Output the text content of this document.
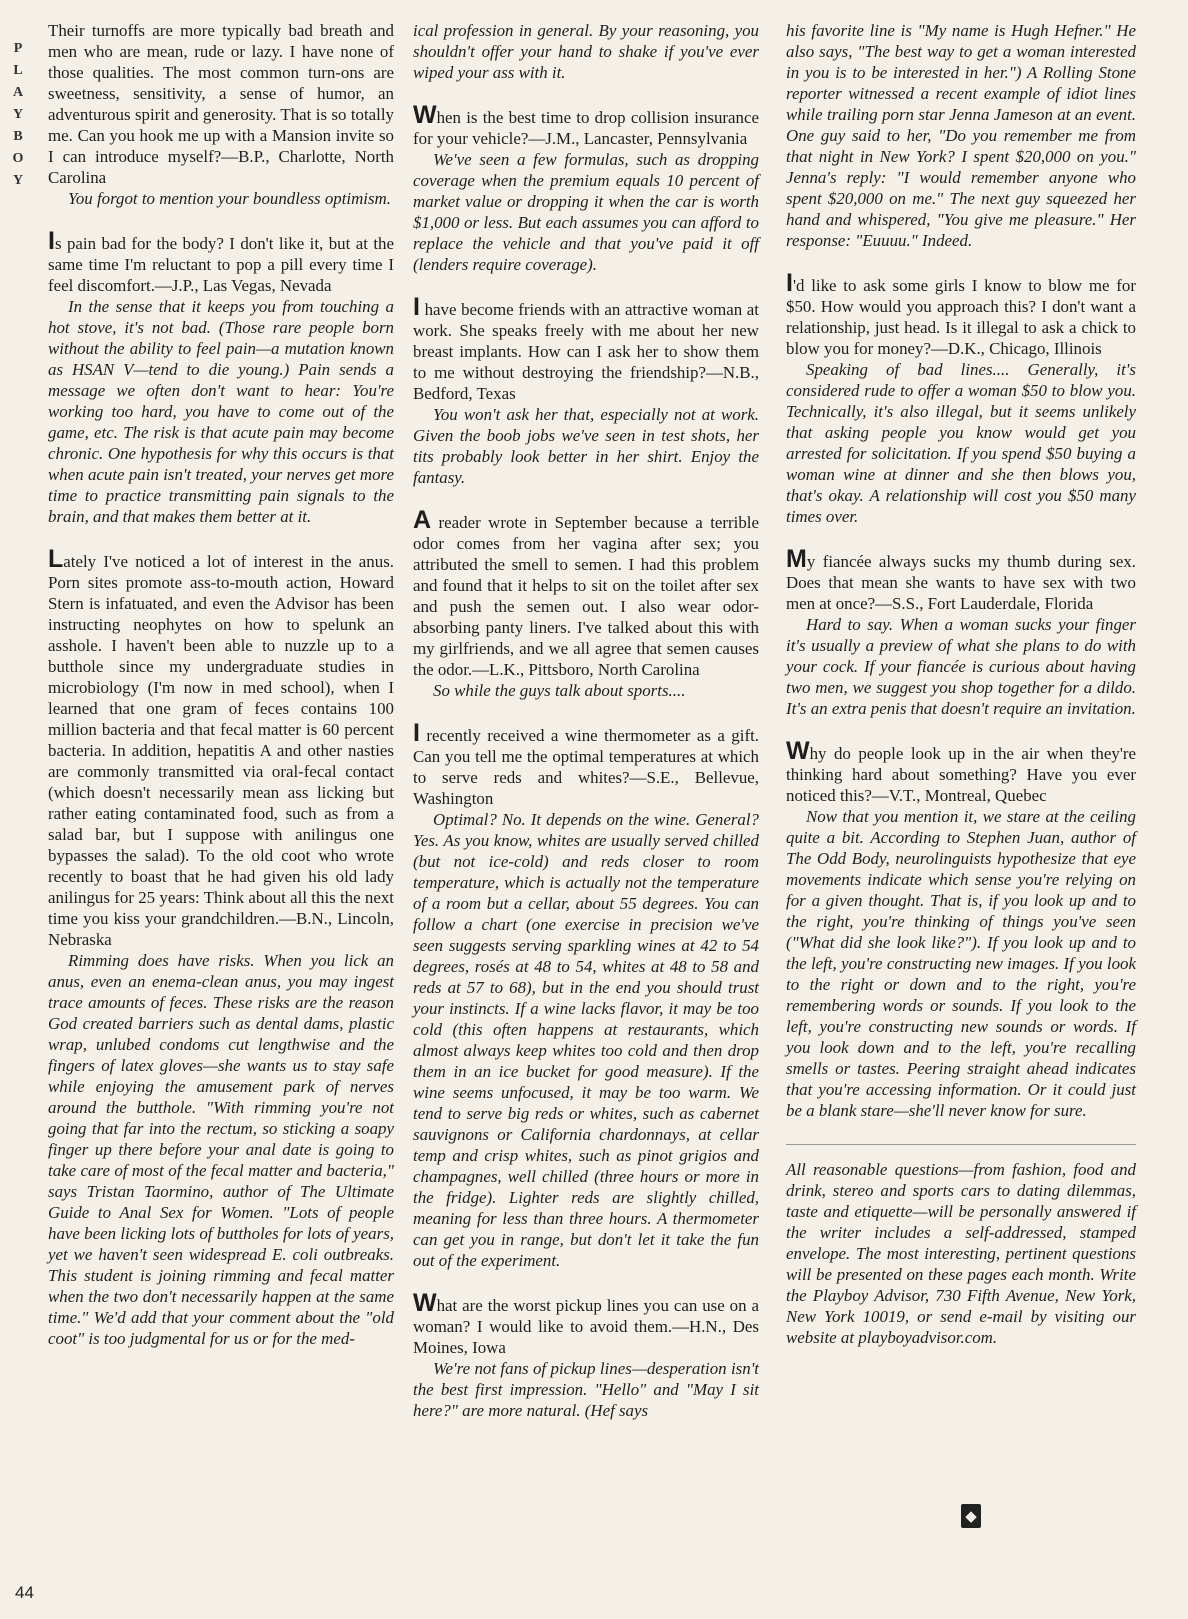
P
L
A
Y
B
O
Y

Their turnoffs are more typically bad breath and men who are mean, rude or lazy. I have none of those qualities. The most common turn-ons are sweetness, sensitivity, a sense of humor, an adventurous spirit and generosity. That is so totally me. Can you hook me up with a Mansion invite so I can introduce myself?—B.P., Charlotte, North Carolina

You forgot to mention your boundless optimism.

Is pain bad for the body? I don't like it, but at the same time I'm reluctant to pop a pill every time I feel discomfort.—J.P., Las Vegas, Nevada

In the sense that it keeps you from touching a hot stove, it's not bad. (Those rare people born without the ability to feel pain—a mutation known as HSAN V—tend to die young.) Pain sends a message we often don't want to hear: You're working too hard, you have to come out of the game, etc. The risk is that acute pain may become chronic. One hypothesis for why this occurs is that when acute pain isn't treated, your nerves get more time to practice transmitting pain signals to the brain, and that makes them better at it.

Lately I've noticed a lot of interest in the anus. Porn sites promote ass-to-mouth action, Howard Stern is infatuated, and even the Advisor has been instructing neophytes on how to spelunk an asshole. I haven't been able to nuzzle up to a butthole since my undergraduate studies in microbiology (I'm now in med school), when I learned that one gram of feces contains 100 million bacteria and that fecal matter is 60 percent bacteria. In addition, hepatitis A and other nasties are commonly transmitted via oral-fecal contact (which doesn't necessarily mean ass licking but rather eating contaminated food, such as from a salad bar, but I suppose with anilingus one bypasses the salad). To the old coot who wrote recently to boast that he had given his old lady anilingus for 25 years: Think about all this the next time you kiss your grandchildren.—B.N., Lincoln, Nebraska

Rimming does have risks. When you lick an anus, even an enema-clean anus, you may ingest trace amounts of feces. These risks are the reason God created barriers such as dental dams, plastic wrap, unlubed condoms cut lengthwise and the fingers of latex gloves—she wants us to stay safe while enjoying the amusement park of nerves around the butthole. "With rimming you're not going that far into the rectum, so sticking a soapy finger up there before your anal date is going to take care of most of the fecal matter and bacteria," says Tristan Taormino, author of The Ultimate Guide to Anal Sex for Women. "Lots of people have been licking lots of buttholes for lots of years, yet we haven't seen widespread E. coli outbreaks. This student is joining rimming and fecal matter when the two don't necessarily happen at the same time." We'd add that your comment about the "old coot" is too judgmental for us or for the med-

ical profession in general. By your reasoning, you shouldn't offer your hand to shake if you've ever wiped your ass with it.

When is the best time to drop collision insurance for your vehicle?—J.M., Lancaster, Pennsylvania

We've seen a few formulas, such as dropping coverage when the premium equals 10 percent of market value or dropping it when the car is worth $1,000 or less. But each assumes you can afford to replace the vehicle and that you've paid it off (lenders require coverage).

I have become friends with an attractive woman at work. She speaks freely with me about her new breast implants. How can I ask her to show them to me without destroying the friendship?—N.B., Bedford, Texas

You won't ask her that, especially not at work. Given the boob jobs we've seen in test shots, her tits probably look better in her shirt. Enjoy the fantasy.

A reader wrote in September because a terrible odor comes from her vagina after sex; you attributed the smell to semen. I had this problem and found that it helps to sit on the toilet after sex and push the semen out. I also wear odor-absorbing panty liners. I've talked about this with my girlfriends, and we all agree that semen causes the odor.—L.K., Pittsboro, North Carolina

So while the guys talk about sports....

I recently received a wine thermometer as a gift. Can you tell me the optimal temperatures at which to serve reds and whites?—S.E., Bellevue, Washington

Optimal? No. It depends on the wine. General? Yes. As you know, whites are usually served chilled (but not ice-cold) and reds closer to room temperature, which is actually not the temperature of a room but a cellar, about 55 degrees. You can follow a chart (one exercise in precision we've seen suggests serving sparkling wines at 42 to 54 degrees, rosés at 48 to 54, whites at 48 to 58 and reds at 57 to 68), but in the end you should trust your instincts. If a wine lacks flavor, it may be too cold (this often happens at restaurants, which almost always keep whites too cold and then drop them in an ice bucket for good measure). If the wine seems unfocused, it may be too warm. We tend to serve big reds or whites, such as cabernet sauvignons or California chardonnays, at cellar temp and crisp whites, such as pinot grigios and champagnes, well chilled (three hours or more in the fridge). Lighter reds are slightly chilled, meaning for less than three hours. A thermometer can get you in range, but don't let it take the fun out of the experiment.

What are the worst pickup lines you can use on a woman? I would like to avoid them.—H.N., Des Moines, Iowa

We're not fans of pickup lines—desperation isn't the best first impression. "Hello" and "May I sit here?" are more natural. (Hef says

his favorite line is "My name is Hugh Hefner." He also says, "The best way to get a woman interested in you is to be interested in her.") A Rolling Stone reporter witnessed a recent example of idiot lines while trailing porn star Jenna Jameson at an event. One guy said to her, "Do you remember me from that night in New York? I spent $20,000 on you." Jenna's reply: "I would remember anyone who spent $20,000 on me." The next guy squeezed her hand and whispered, "You give me pleasure." Her response: "Euuuu." Indeed.

I'd like to ask some girls I know to blow me for $50. How would you approach this? I don't want a relationship, just head. Is it illegal to ask a chick to blow you for money?—D.K., Chicago, Illinois

Speaking of bad lines.... Generally, it's considered rude to offer a woman $50 to blow you. Technically, it's also illegal, but it seems unlikely that asking people you know would get you arrested for solicitation. If you spend $50 buying a woman wine at dinner and she then blows you, that's okay. A relationship will cost you $50 many times over.

My fiancée always sucks my thumb during sex. Does that mean she wants to have sex with two men at once?—S.S., Fort Lauderdale, Florida

Hard to say. When a woman sucks your finger it's usually a preview of what she plans to do with your cock. If your fiancée is curious about having two men, we suggest you shop together for a dildo. It's an extra penis that doesn't require an invitation.

Why do people look up in the air when they're thinking hard about something? Have you ever noticed this?—V.T., Montreal, Quebec

Now that you mention it, we stare at the ceiling quite a bit. According to Stephen Juan, author of The Odd Body, neurolinguists hypothesize that eye movements indicate which sense you're relying on for a given thought. That is, if you look up and to the right, you're thinking of things you've seen ("What did she look like?"). If you look up and to the left, you're constructing new images. If you look to the right or down and to the right, you're remembering words or sounds. If you look to the left, you're constructing new sounds or words. If you look down and to the left, you're recalling smells or tastes. Peering straight ahead indicates that you're accessing information. Or it could just be a blank stare—she'll never know for sure.

All reasonable questions—from fashion, food and drink, stereo and sports cars to dating dilemmas, taste and etiquette—will be personally answered if the writer includes a self-addressed, stamped envelope. The most interesting, pertinent questions will be presented on these pages each month. Write the Playboy Advisor, 730 Fifth Avenue, New York, New York 10019, or send e-mail by visiting our website at playboyadvisor.com.

44
◆
